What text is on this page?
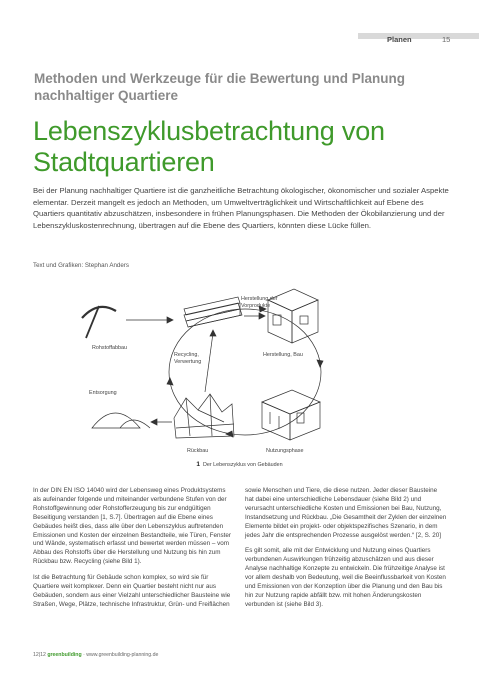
Planen	15
Methoden und Werkzeuge für die Bewertung und Planung nachhaltiger Quartiere
Lebenszyklusbetrachtung von Stadtquartieren
Bei der Planung nachhaltiger Quartiere ist die ganzheitliche Betrachtung ökologischer, ökonomischer und sozialer Aspekte elementar. Derzeit mangelt es jedoch an Methoden, um Umweltverträglichkeit und Wirtschaftlichkeit auf Ebene des Quartiers quantitativ abzuschätzen, insbesondere in frühen Planungsphasen. Die Methoden der Ökobilanzierung und der Lebenszykluskostenrechnung, übertragen auf die Ebene des Quartiers, könnten diese Lücke füllen.
Text und Grafiken: Stephan Anders
Herstellung der Vorprodukte
Rohstoffabbau
Herstellung, Bau
Recycling, Verwertung
Entsorgung
Rückbau	Nutzungsphase
1 Der Lebenszyklus von Gebäuden

In der DIN EN ISO 14040 wird der Lebensweg eines Produktsystems als aufeinander folgende und miteinander verbundene Stufen von der Rohstoffgewinnung oder Rohstofferzeugung bis zur endgültigen Beseitigung verstanden [1, S.7]. Übertragen auf die Ebene eines Gebäudes heißt dies, dass alle über den Lebenszyklus auftretenden Emissionen und Kosten der einzelnen Bestandteile, wie Türen, Fenster und Wände, systematisch erfasst und bewertet werden müssen – vom Abbau des Rohstoffs über die Herstellung und Nutzung bis hin zum Rückbau bzw. Recycling (siehe Bild 1).

Ist die Betrachtung für Gebäude schon komplex, so wird sie für Quartiere weit komplexer. Denn ein Quartier besteht nicht nur aus Gebäuden, sondern aus einer Vielzahl unterschiedlicher Bausteine wie Straßen, Wege, Plätze, technische Infrastruktur, Grün- und Freiflächen

sowie Menschen und Tiere, die diese nutzen. Jeder dieser Bausteine hat dabei eine unterschiedliche Lebensdauer (siehe Bild 2) und verursacht unterschiedliche Kosten und Emissionen bei Bau, Nutzung, Instandsetzung und Rückbau. „Die Gesamtheit der Zyklen der einzelnen Elemente bildet ein projekt- oder objektspezifisches Szenario, in dem jedes Jahr die entsprechenden Prozesse ausgelöst werden.“ [2, S. 20]

Es gilt somit, alle mit der Entwicklung und Nutzung eines Quartiers verbundenen Auswirkungen frühzeitig abzuschätzen und aus dieser Analyse nachhaltige Konzepte zu entwickeln. Die frühzeitige Analyse ist vor allem deshalb von Bedeutung, weil die Beeinflussbarkeit von Kosten und Emissionen von der Konzeption über die Planung und den Bau bis hin zur Nutzung rapide abfällt bzw. mit hohen Änderungskosten verbunden ist (siehe Bild 3).

12|12 greenbuilding · www.greenbuilding-planning.de
